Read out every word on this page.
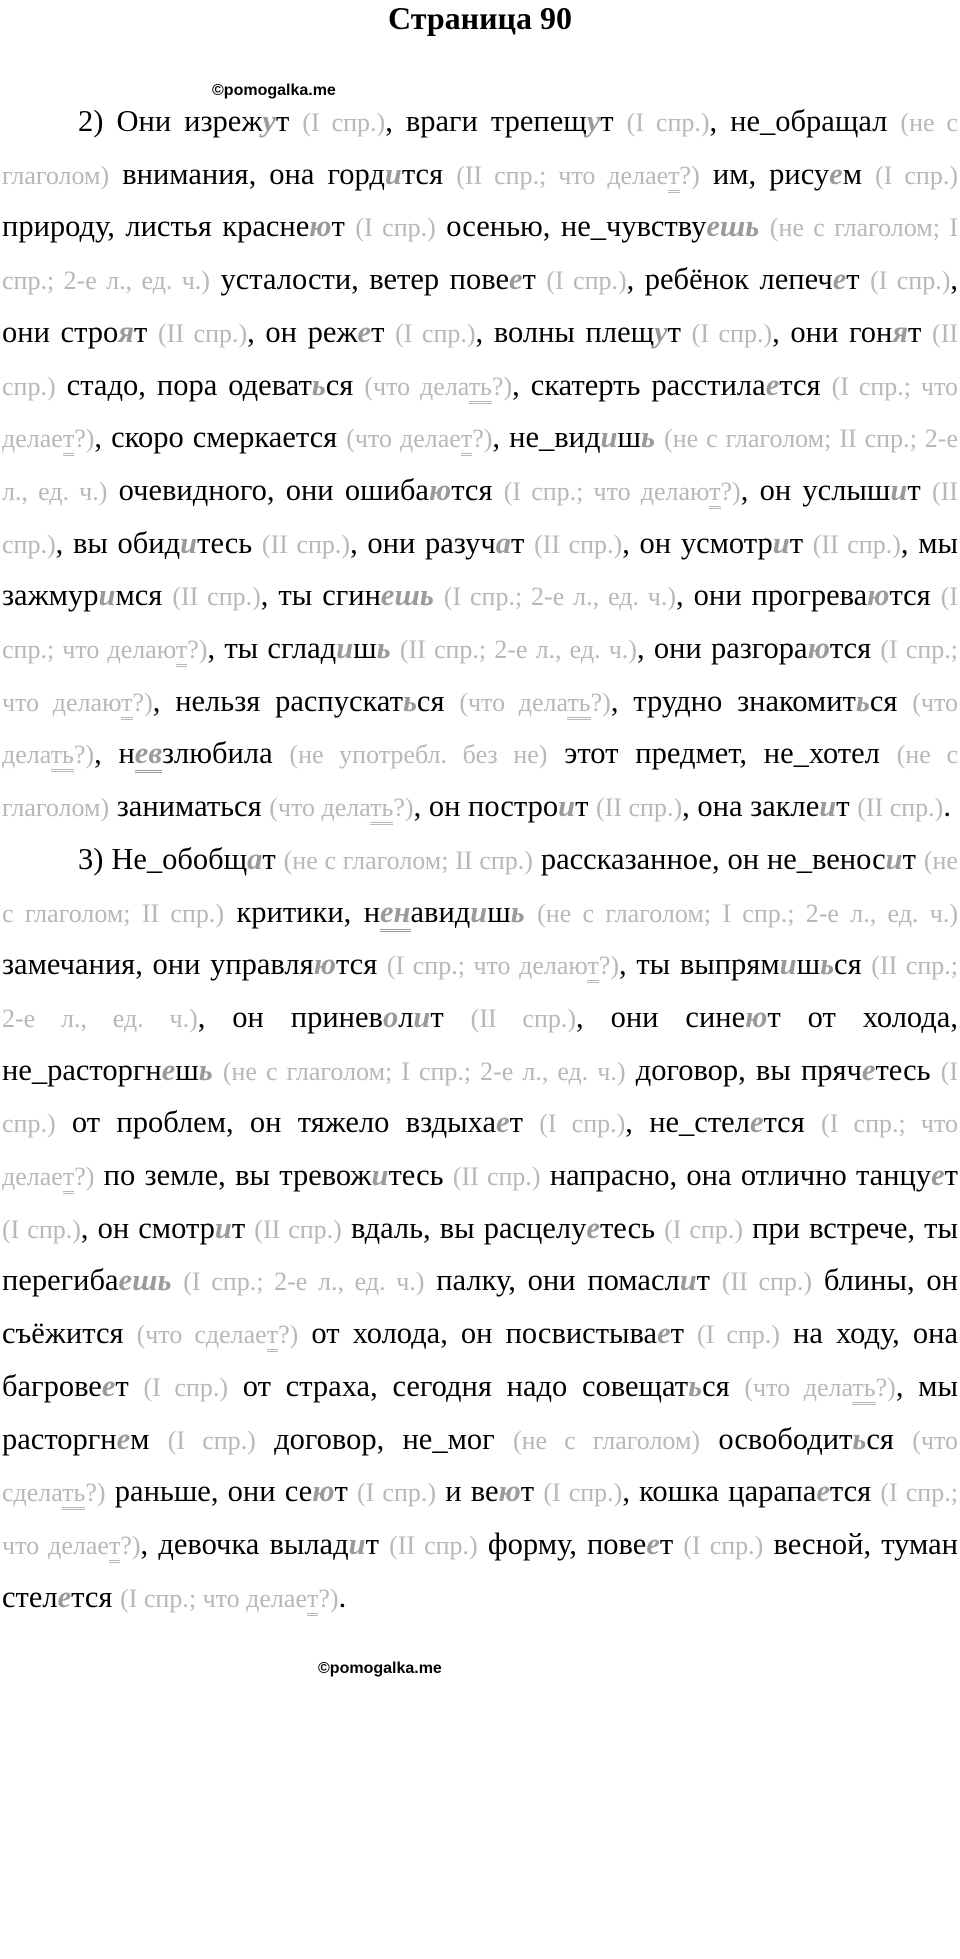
Страница 90
©pomogalka.me
©pomogalka.me

2) Они изрежут (I спр.), враги трепещут (I спр.), не_обращал (не с глаголом) внимания, она гордится (II спр.; что делает?) им, рисуем (I спр.) природу, листья краснеют (I спр.) осенью, не_чувствуешь (не с глаголом; I спр.; 2-е л., ед. ч.) усталости, ветер повеет (I спр.), ребёнок лепечет (I спр.), они строят (II спр.), он режет (I спр.), волны плещут (I спр.), они гонят (II спр.) стадо, пора одеваться (что делать?), скатерть расстилается (I спр.; что делает?), скоро смеркается (что делает?), не_видишь (не с глаголом; II спр.; 2-е л., ед. ч.) очевидного, они ошибаются (I спр.; что делают?), он услышит (II спр.), вы обидитесь (II спр.), они разучат (II спр.), он усмотрит (II спр.), мы зажмуримся (II спр.), ты сгинешь (I спр.; 2-е л., ед. ч.), они прогреваются (I спр.; что делают?), ты сгладишь (II спр.; 2-е л., ед. ч.), они разгораются (I спр.; что делают?), нельзя распускаться (что делать?), трудно знакомиться (что делать?), невзлюбила (не употребл. без не) этот предмет, не_хотел (не с глаголом) заниматься (что делать?), он построит (II спр.), она заклeит (II спр.).

3) Не_обобщат (не с глаголом; II спр.) рассказанное, он не_веносит (не с глаголом; II спр.) критики, ненавидишь (не с глаголом; I спр.; 2-е л., ед. ч.) замечания, они управляются (I спр.; что делают?), ты выпрямишься (II спр.; 2-е л., ед. ч.), он приневолит (II спр.), они синеют от холода, не_расторгнешь (не с глаголом; I спр.; 2-е л., ед. ч.) договор, вы прячетесь (I спр.) от проблем, он тяжело вздыхает (I спр.), не_стелется (I спр.; что делает?) по земле, вы тревожитесь (II спр.) напрасно, она отлично танцует (I спр.), он смотрит (II спр.) вдаль, вы расцелуетесь (I спр.) при встрече, ты перегибаешь (I спр.; 2-е л., ед. ч.) палку, они помаслит (II спр.) блины, он съёжится (что сделает?) от холода, он посвистывает (I спр.) на ходу, она багровеет (I спр.) от страха, сегодня надо совещаться (что делать?), мы расторгнем (I спр.) договор, не_мог (не с глаголом) освободиться (что сделать?) раньше, они сеют (I спр.) и веют (I спр.), кошка царапается (I спр.; что делает?), девочка выладит (II спр.) форму, повеет (I спр.) весной, туман стелется (I спр.; что делает?).
